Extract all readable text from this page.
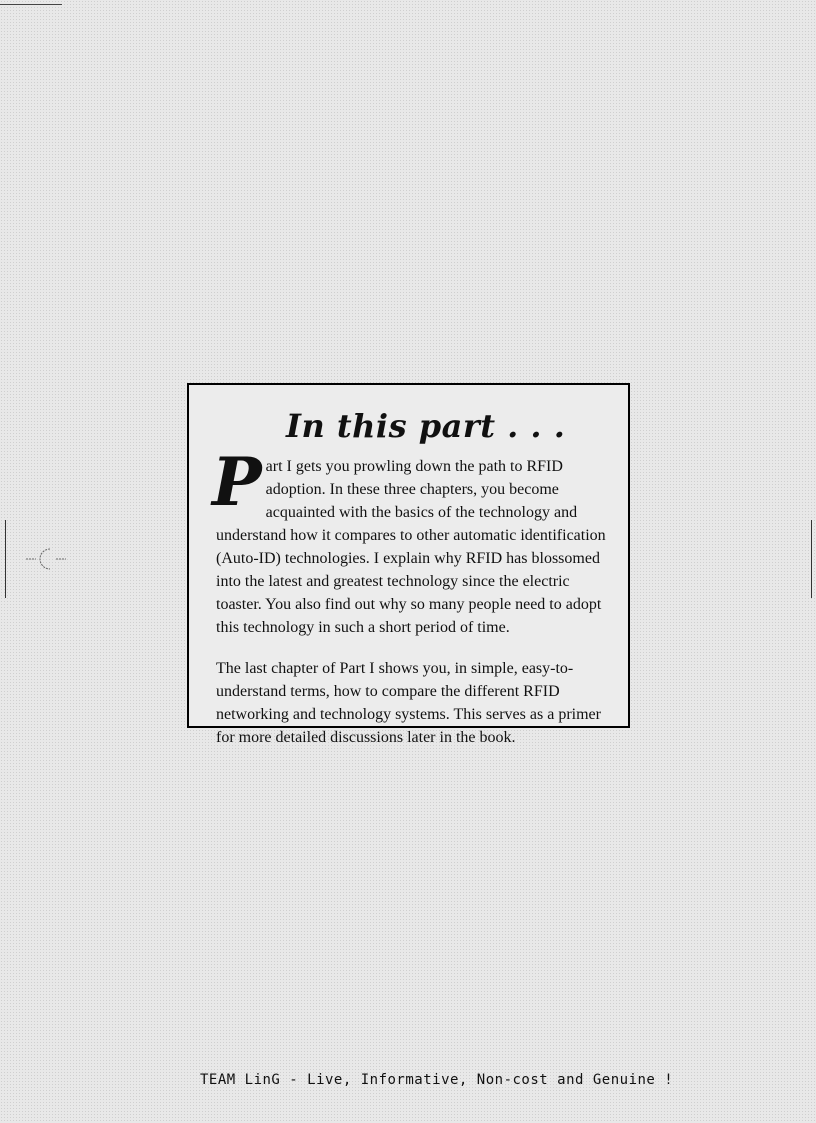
In this part . . .

Part I gets you prowling down the path to RFID adoption. In these three chapters, you become acquainted with the basics of the technology and understand how it compares to other automatic identification (Auto-ID) technologies. I explain why RFID has blossomed into the latest and greatest technology since the electric toaster. You also find out why so many people need to adopt this technology in such a short period of time.

The last chapter of Part I shows you, in simple, easy-to-understand terms, how to compare the different RFID networking and technology systems. This serves as a primer for more detailed discussions later in the book.

TEAM LinG - Live, Informative, Non-cost and Genuine !
